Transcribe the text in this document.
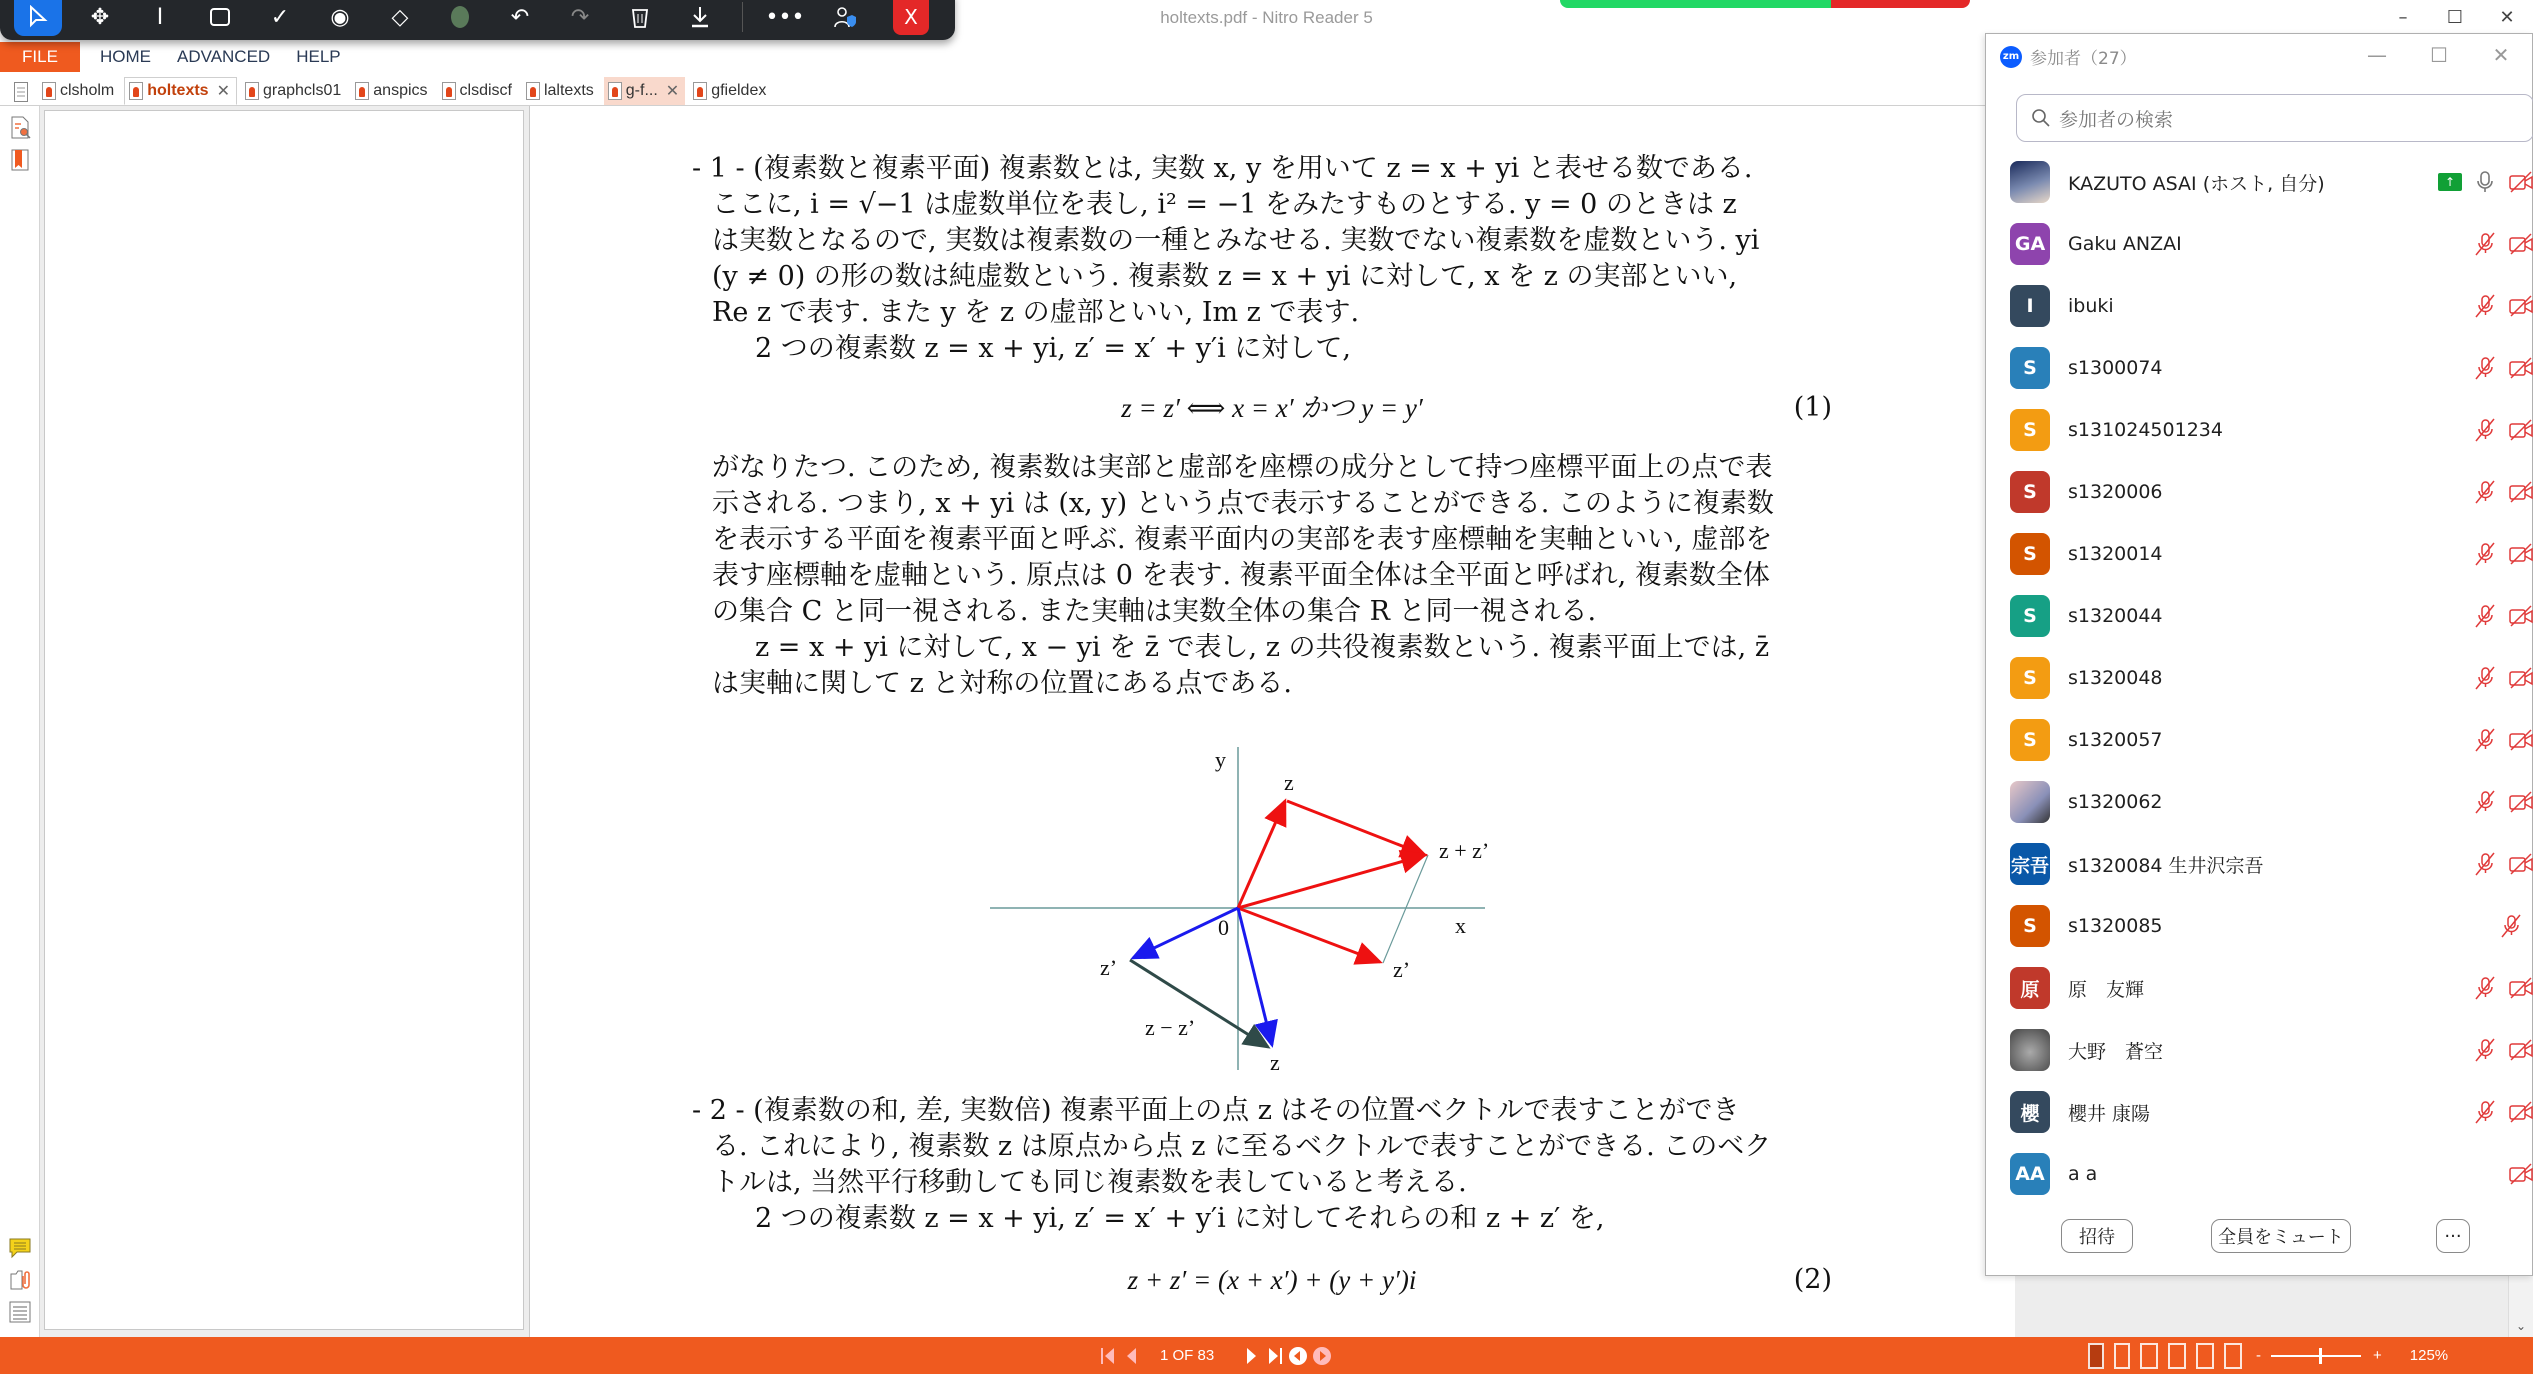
holtexts.pdf - Nitro Reader 5	–	☐	✕
FILE	HOME ADVANCED HELP
clsholm holtexts ✕ graphcls01 anspics clsdiscf laltexts g-f... ✕ gfieldex
⌄
- 1 - (複素数と複素平面) 複素数とは, 実数 x, y を用いて z = x + yi と表せる数である.
ここに, i = √−1 は虚数単位を表し, i² = −1 をみたすものとする. y = 0 のときは z
は実数となるので, 実数は複素数の一種とみなせる. 実数でない複素数を虚数という. yi
(y ≠ 0) の形の数は純虚数という. 複素数 z = x + yi に対して, x を z の実部といい,
Re z で表す. また y を z の虚部といい, Im z で表す.
2 つの複素数 z = x + yi, z′ = x′ + y′i に対して,
z = z′ ⟺ x = x′ かつ y = y′	(1)
がなりたつ. このため, 複素数は実部と虚部を座標の成分として持つ座標平面上の点で表
示される. つまり, x + yi は (x, y) という点で表示することができる. このように複素数
を表示する平面を複素平面と呼ぶ. 複素平面内の実部を表す座標軸を実軸といい, 虚部を
表す座標軸を虚軸という. 原点は 0 を表す. 複素平面全体は全平面と呼ばれ, 複素数全体
の集合 C と同一視される. また実軸は実数全体の集合 R と同一視される.
z = x + yi に対して, x − yi を z̄ で表し, z の共役複素数という. 複素平面上では, z̄
は実軸に関して z と対称の位置にある点である.
- 2 - (複素数の和, 差, 実数倍) 複素平面上の点 z はその位置ベクトルで表すことができ
る. これにより, 複素数 z は原点から点 z に至るベクトルで表すことができる. このベク
トルは, 当然平行移動しても同じ複素数を表していると考える.
2 つの複素数 z = x + yi, z′ = x′ + y′i に対してそれらの和 z + z′ を,
z + z′ = (x + x′) + (y + y′)i	(2)
y
x
0
z
z + z’
z’
z’
z − z’
z
✥ I	✓ ◉ ◇	↶ ↷	•••	X
zm 参加者（27）	—	☐	✕
参加者の検索
KAZUTO ASAI (ホスト, 自分)	↑
GA Gaku ANZAI
I	ibuki
S	s1300074
S	s131024501234
S	s1320006
S	s1320014
S	s1320044
S	s1320048
S	s1320057
s1320062
宗吾 s1320084 生井沢宗吾
S	s1320085
原	原　友輝
大野　蒼空
櫻	櫻井 康陽
AA a a
招待	全員をミュート	···
1 OF 83	-	+ 125%
